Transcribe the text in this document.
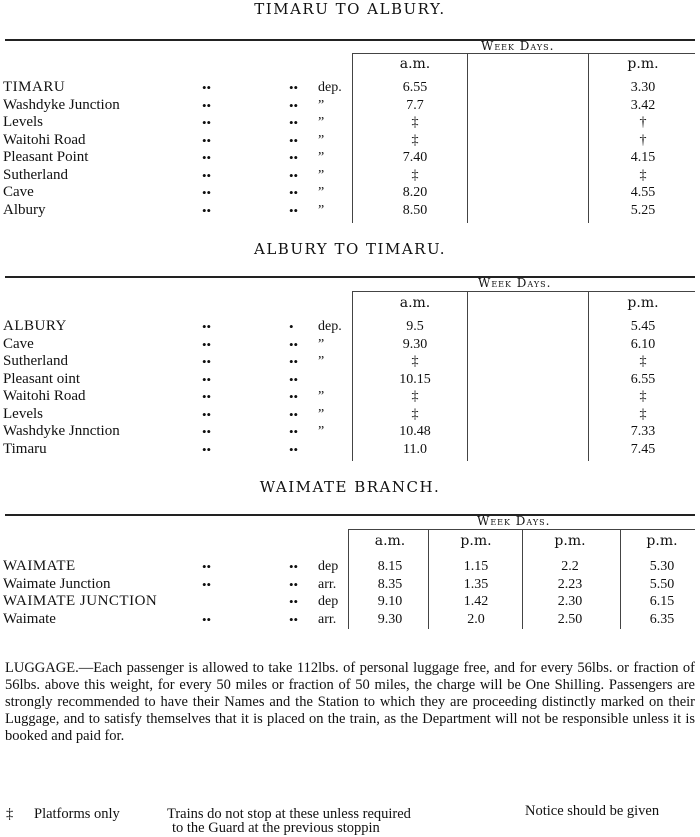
TIMARU TO ALBURY.
Week Days.
a.m.	p.m.
TIMARU	••	•• dep.	6.55	3.30
Washdyke Junction	••	•• ”	7.7	3.42
Levels	••	•• ”	‡	†
Waitohi Road	••	•• ”	‡	†
Pleasant Point	••	•• ”	7.40	4.15
Sutherland	••	•• ”	‡	‡
Cave	••	•• ”	8.20	4.55
Albury	••	•• ”	8.50	5.25
ALBURY TO TIMARU.
Week Days.
a.m.	p.m.
ALBURY	••	• dep.	9.5	5.45
Cave	••	•• ”	9.30	6.10
Sutherland	••	•• ”	‡	‡
Pleasant oint	••	••	10.15	6.55
Waitohi Road	••	•• ”	‡	‡
Levels	••	•• ”	‡	‡
Washdyke Jnnction	••	•• ”	10.48	7.33
Timaru	••	••	11.0	7.45
WAIMATE BRANCH.
Week Days.
a.m.	p.m.	p.m.	p.m.
WAIMATE	••	•• dep	8.15	1.15	2.2	5.30
Waimate Junction	••	•• arr.	8.35	1.35	2.23	5.50
WAIMATE JUNCTION	•• dep	9.10	1.42	2.30	6.15
Waimate	••	•• arr.	9.30	2.0	2.50	6.35
LUGGAGE.—Each passenger is allowed to take 112lbs. of personal luggage free, and for every 56lbs. or fraction of 56lbs. above this weight, for every 50 miles or fraction of 50 miles, the charge will be One Shilling. Passengers are strongly recommended to have their Names and the Station to which they are proceeding distinctly marked on their Luggage, and to satisfy themselves that it is placed on the train, as the Department will not be responsible unless it is booked and paid for.
‡ Platforms only	Trains do not stop at these unless required
to the Guard at the previous stoppin
Notice should be given
